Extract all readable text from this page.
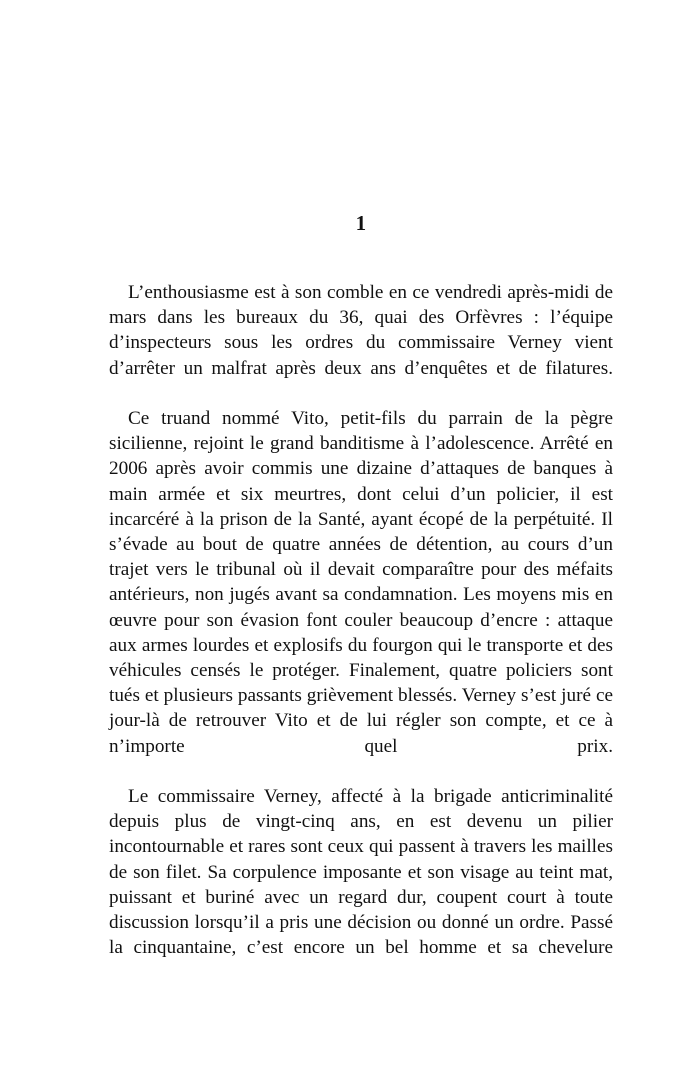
1

L’enthousiasme est à son comble en ce vendredi après-midi de mars dans les bureaux du 36, quai des Orfèvres : l’équipe d’inspecteurs sous les ordres du commissaire Verney vient d’arrêter un malfrat après deux ans d’enquêtes et de filatures.

Ce truand nommé Vito, petit-fils du parrain de la pègre sicilienne, rejoint le grand banditisme à l’adolescence. Arrêté en 2006 après avoir commis une dizaine d’attaques de banques à main armée et six meurtres, dont celui d’un policier, il est incarcéré à la prison de la Santé, ayant écopé de la perpétuité. Il s’évade au bout de quatre années de détention, au cours d’un trajet vers le tribunal où il devait comparaître pour des méfaits antérieurs, non jugés avant sa condamnation. Les moyens mis en œuvre pour son évasion font couler beaucoup d’encre : attaque aux armes lourdes et explosifs du fourgon qui le transporte et des véhicules censés le protéger. Finalement, quatre policiers sont tués et plusieurs passants grièvement blessés. Verney s’est juré ce jour-là de retrouver Vito et de lui régler son compte, et ce à n’importe quel prix.

Le commissaire Verney, affecté à la brigade anticriminalité depuis plus de vingt-cinq ans, en est devenu un pilier incontournable et rares sont ceux qui passent à travers les mailles de son filet. Sa corpulence imposante et son visage au teint mat, puissant et buriné avec un regard dur, coupent court à toute discussion lorsqu’il a pris une décision ou donné un ordre. Passé la cinquantaine, c’est encore un bel homme et sa chevelure
